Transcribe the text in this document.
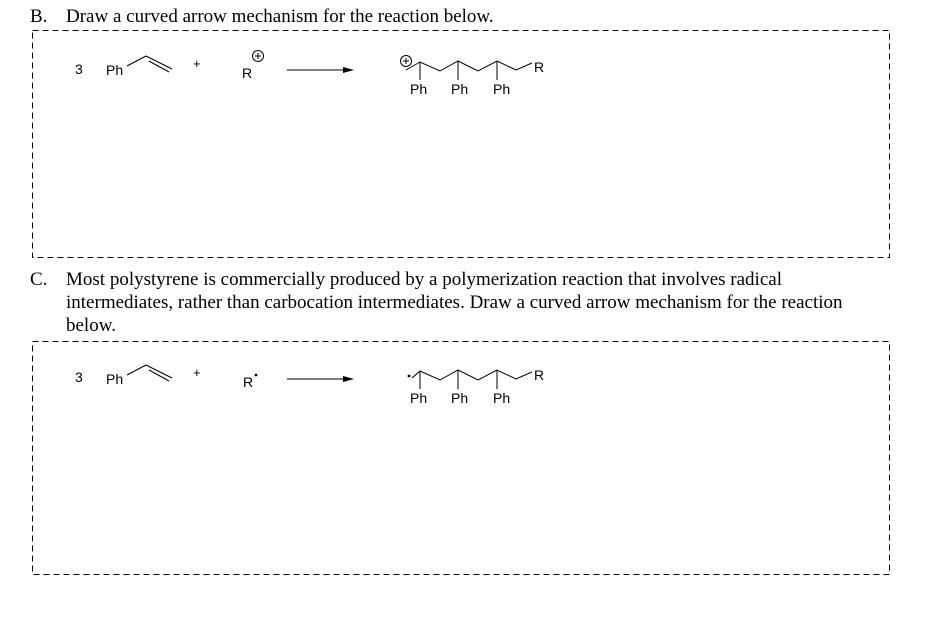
B. Draw a curved arrow mechanism for the reaction below.
3 Ph	+
R	R
Ph Ph Ph
C. Most polystyrene is commercially produced by a polymerization reaction that involves radical
intermediates, rather than carbocation intermediates. Draw a curved arrow mechanism for the reaction
below.
3 Ph	+
R	R
Ph Ph Ph
